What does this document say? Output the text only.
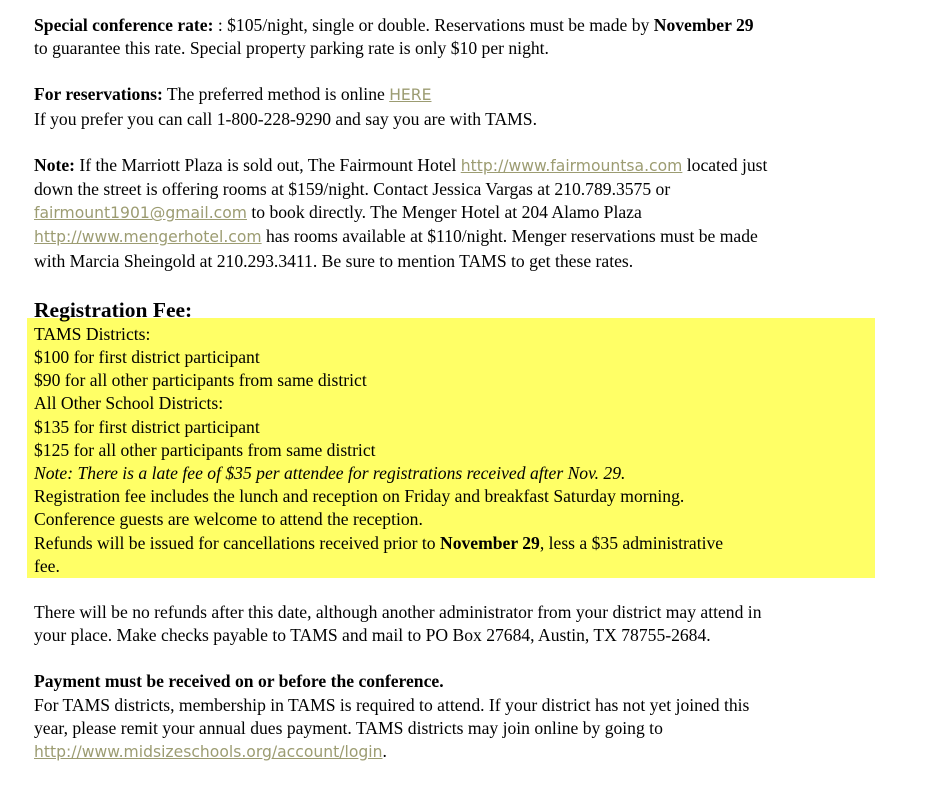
Special conference rate: : $105/night, single or double. Reservations must be made by November 29
to guarantee this rate. Special property parking rate is only $10 per night.

For reservations: The preferred method is online HERE
If you prefer you can call 1-800-228-9290 and say you are with TAMS.

Note: If the Marriott Plaza is sold out, The Fairmount Hotel http://www.fairmountsa.com located just
down the street is offering rooms at $159/night. Contact Jessica Vargas at 210.789.3575 or
fairmount1901@gmail.com to book directly. The Menger Hotel at 204 Alamo Plaza
http://www.mengerhotel.com has rooms available at $110/night. Menger reservations must be made
with Marcia Sheingold at 210.293.3411. Be sure to mention TAMS to get these rates.

Registration Fee:
TAMS Districts:
$100 for first district participant
$90 for all other participants from same district
All Other School Districts:
$135 for first district participant
$125 for all other participants from same district
Note: There is a late fee of $35 per attendee for registrations received after Nov. 29.
Registration fee includes the lunch and reception on Friday and breakfast Saturday morning.
Conference guests are welcome to attend the reception.
Refunds will be issued for cancellations received prior to November 29, less a $35 administrative
fee.

There will be no refunds after this date, although another administrator from your district may attend in
your place. Make checks payable to TAMS and mail to PO Box 27684, Austin, TX 78755-2684.

Payment must be received on or before the conference.
For TAMS districts, membership in TAMS is required to attend. If your district has not yet joined this
year, please remit your annual dues payment. TAMS districts may join online by going to
http://www.midsizeschools.org/account/login.
